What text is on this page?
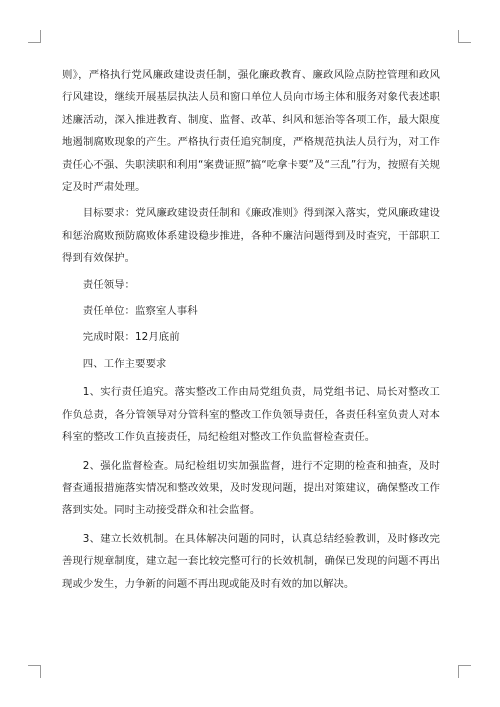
则》，严格执行党风廉政建设责任制，强化廉政教育、廉政风险点防控管理和政风行风建设，继续开展基层执法人员和窗口单位人员向市场主体和服务对象代表述职述廉活动，深入推进教育、制度、监督、改革、纠风和惩治等各项工作，最大限度地遏制腐败现象的产生。严格执行责任追究制度，严格规范执法人员行为，对工作责任心不强、失职渎职和利用“案费证照”搞“吃拿卡要”及“三乱”行为，按照有关规定及时严肃处理。

目标要求：党风廉政建设责任制和《廉政准则》得到深入落实，党风廉政建设和惩治腐败预防腐败体系建设稳步推进，各种不廉洁问题得到及时查究，干部职工得到有效保护。

责任领导：

责任单位：监察室人事科

完成时限：12月底前

四、工作主要要求

1、实行责任追究。落实整改工作由局党组负责，局党组书记、局长对整改工作负总责，各分管领导对分管科室的整改工作负领导责任，各责任科室负责人对本科室的整改工作负直接责任，局纪检组对整改工作负监督检查责任。

2、强化监督检查。局纪检组切实加强监督，进行不定期的检查和抽查，及时督查通报措施落实情况和整改效果，及时发现问题，提出对策建议，确保整改工作落到实处。同时主动接受群众和社会监督。

3、建立长效机制。在具体解决问题的同时，认真总结经验教训，及时修改完善现行规章制度，建立起一套比较完整可行的长效机制，确保已发现的问题不再出现或少发生，力争新的问题不再出现或能及时有效的加以解决。
